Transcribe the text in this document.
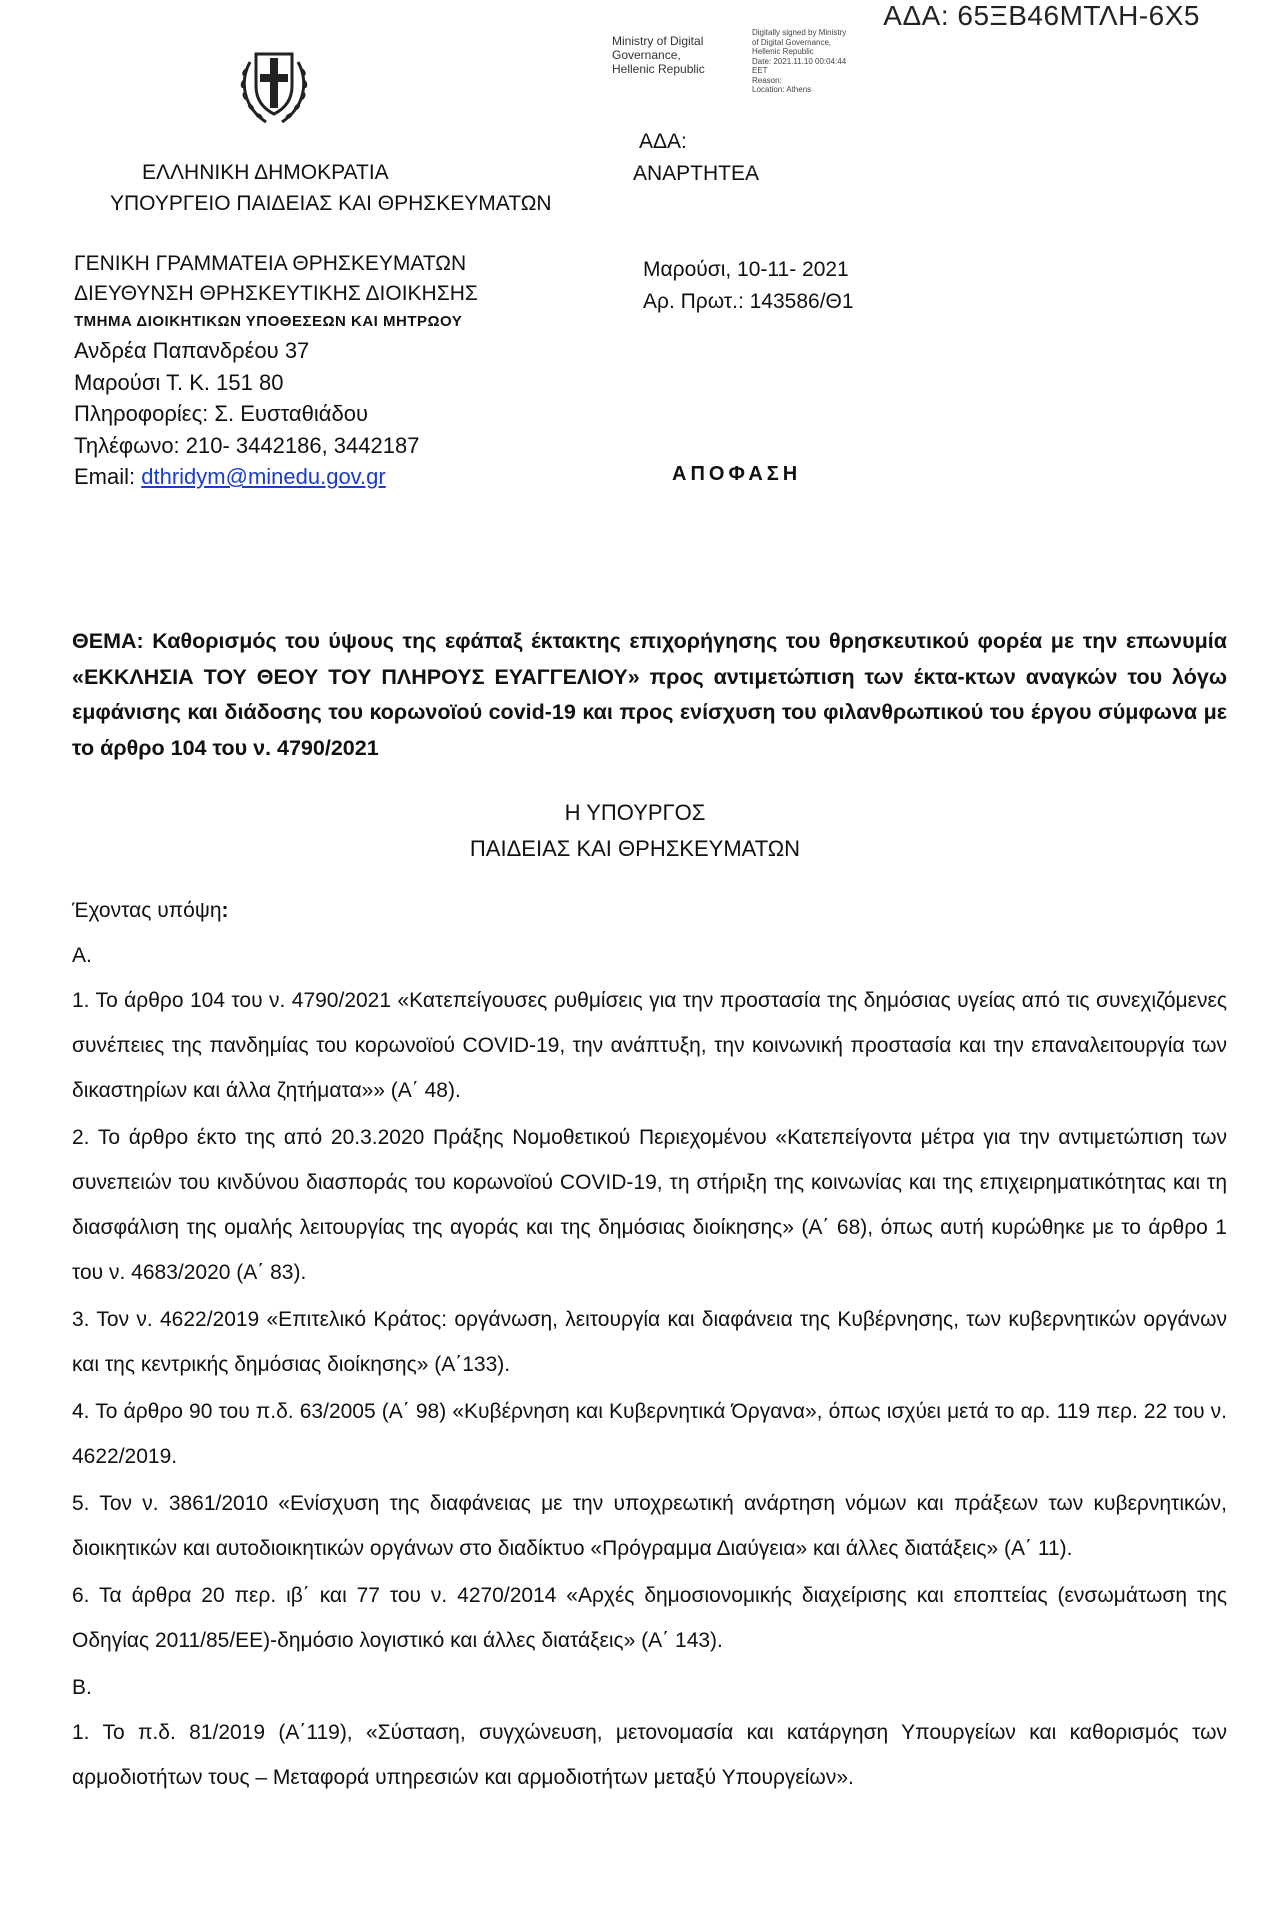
ΑΔΑ: 65ΞΒ46ΜΤΛΗ-6Χ5
Ministry of Digital
Governance,
Hellenic Republic
Digitally signed by Ministry
of Digital Governance,
Hellenic Republic
Date: 2021.11.10 00:04:44
EET
Reason:
Location: Athens
ΕΛΛΗΝΙΚΗ ΔΗΜΟΚΡΑΤΙΑ
ΥΠΟΥΡΓΕΙΟ ΠΑΙΔΕΙΑΣ ΚΑΙ ΘΡΗΣΚΕΥΜΑΤΩΝ
ΑΔΑ:
ΑΝΑΡΤΗΤΕΑ
ΓΕΝΙΚΗ ΓΡΑΜΜΑΤΕΙΑ ΘΡΗΣΚΕΥΜΑΤΩΝ
ΔΙΕΥΘΥΝΣΗ ΘΡΗΣΚΕΥΤΙΚΗΣ ΔΙΟΙΚΗΣΗΣ
ΤΜΗΜΑ ΔΙΟΙΚΗΤΙΚΩΝ ΥΠΟΘΕΣΕΩΝ ΚΑΙ ΜΗΤΡΩΟΥ
Ανδρέα Παπανδρέου 37
Μαρούσι Τ. Κ. 151 80
Πληροφορίες: Σ. Ευσταθιάδου
Τηλέφωνο: 210- 3442186, 3442187
Email: dthridym@minedu.gov.gr
Μαρούσι, 10-11- 2021
Αρ. Πρωτ.: 143586/Θ1
ΑΠΟΦΑΣΗ
ΘΕΜΑ: Καθορισμός του ύψους της εφάπαξ έκτακτης επιχορήγησης του θρησκευτικού φορέα με την επωνυμία «ΕΚΚΛΗΣΙΑ ΤΟΥ ΘΕΟΥ ΤΟΥ ΠΛΗΡΟΥΣ ΕΥΑΓΓΕΛΙΟΥ» προς αντιμετώπιση των έκτα-κτων αναγκών του λόγω εμφάνισης και διάδοσης του κορωνοϊού covid-19 και προς ενίσχυση του φιλανθρωπικού του έργου σύμφωνα με το άρθρο 104 του ν. 4790/2021
Η ΥΠΟΥΡΓΟΣ
ΠΑΙΔΕΙΑΣ ΚΑΙ ΘΡΗΣΚΕΥΜΑΤΩΝ
Έχοντας υπόψη:
Α.
1. Το άρθρο 104 του ν. 4790/2021 «Κατεπείγουσες ρυθμίσεις για την προστασία της δημόσιας υγείας από τις συνεχιζόμενες συνέπειες της πανδημίας του κορωνοϊού COVID-19, την ανάπτυξη, την κοινωνική προστασία και την επαναλειτουργία των δικαστηρίων και άλλα ζητήματα»» (Α΄ 48).
2. Το άρθρο έκτο της από 20.3.2020 Πράξης Νομοθετικού Περιεχομένου «Κατεπείγοντα μέτρα για την αντιμετώπιση των συνεπειών του κινδύνου διασποράς του κορωνοϊού COVID-19, τη στήριξη της κοινωνίας και της επιχειρηματικότητας και τη διασφάλιση της ομαλής λειτουργίας της αγοράς και της δημόσιας διοίκησης» (Α΄ 68), όπως αυτή κυρώθηκε με το άρθρο 1 του ν. 4683/2020 (Α΄ 83).
3. Τον ν. 4622/2019 «Επιτελικό Κράτος: οργάνωση, λειτουργία και διαφάνεια της Κυβέρνησης, των κυβερνητικών οργάνων και της κεντρικής δημόσιας διοίκησης» (Α΄133).
4. Το άρθρο 90 του π.δ. 63/2005 (Α΄ 98) «Κυβέρνηση και Κυβερνητικά Όργανα», όπως ισχύει μετά το αρ. 119 περ. 22 του ν. 4622/2019.
5. Τον ν. 3861/2010 «Ενίσχυση της διαφάνειας με την υποχρεωτική ανάρτηση νόμων και πράξεων των κυβερνητικών, διοικητικών και αυτοδιοικητικών οργάνων στο διαδίκτυο «Πρόγραμμα Διαύγεια» και άλλες διατάξεις» (Α΄ 11).
6. Τα άρθρα 20 περ. ιβ΄ και 77 του ν. 4270/2014 «Αρχές δημοσιονομικής διαχείρισης και εποπτείας (ενσωμάτωση της Οδηγίας 2011/85/ΕΕ)-δημόσιο λογιστικό και άλλες διατάξεις» (Α΄ 143).
Β.
1. Το π.δ. 81/2019 (Α΄119), «Σύσταση, συγχώνευση, μετονομασία και κατάργηση Υπουργείων και καθορισμός των αρμοδιοτήτων τους – Μεταφορά υπηρεσιών και αρμοδιοτήτων μεταξύ Υπουργείων».
